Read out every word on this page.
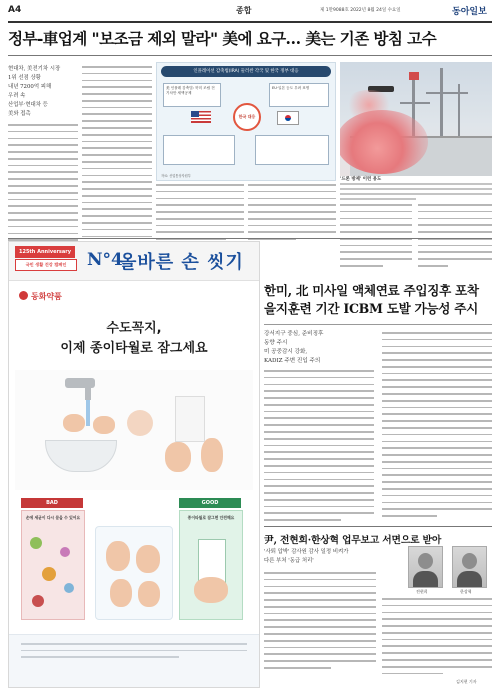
A4	종합	제 1만9088호 2022년 8월 24일 수요일	동아일보
정부-車업계 "보조금 제외 말라" 美에 요구… 美는 기존 방침 고수
현대차, 美전기차 시장
1위 선점 상황
내년 7200억 피해
우려 속
산업부·현대차 등
美와 접촉
인플레이션 감축법(IRA) 둘러싼 각국 및 한국 정부 대응
美 인플레 감축법: 북미 조립 전기차만 세액공제
한국 대응
EU·일본 등도 우려 표명
자료: 산업통상자원부
'드론 방제' 이런 용도
125th Anniversary
국민 생활 건강 캠페인	N°4
올바른 손 씻기
동화약품
수도꼭지,
이제 종이타월로 잠그세요
BAD	GOOD
손에 세균이 다시 묻을 수 있어요	종이타월로 잠그면 안전해요
한미, 北 미사일 액체연료 주입징후 포착
을지훈련 기간 ICBM 도발 가능성 주시
강서지구 중심, 준비징후
동향 주시
미 공중감시 강화,
KADIZ 주변 진입 주의
尹, 전현희·한상혁 업무보고 서면으로 받아
'사퇴 압박' 감사원 감사 일정 비켜가
다른 부처 '동급 처리'
전현희	한상혁
김지현 기자
